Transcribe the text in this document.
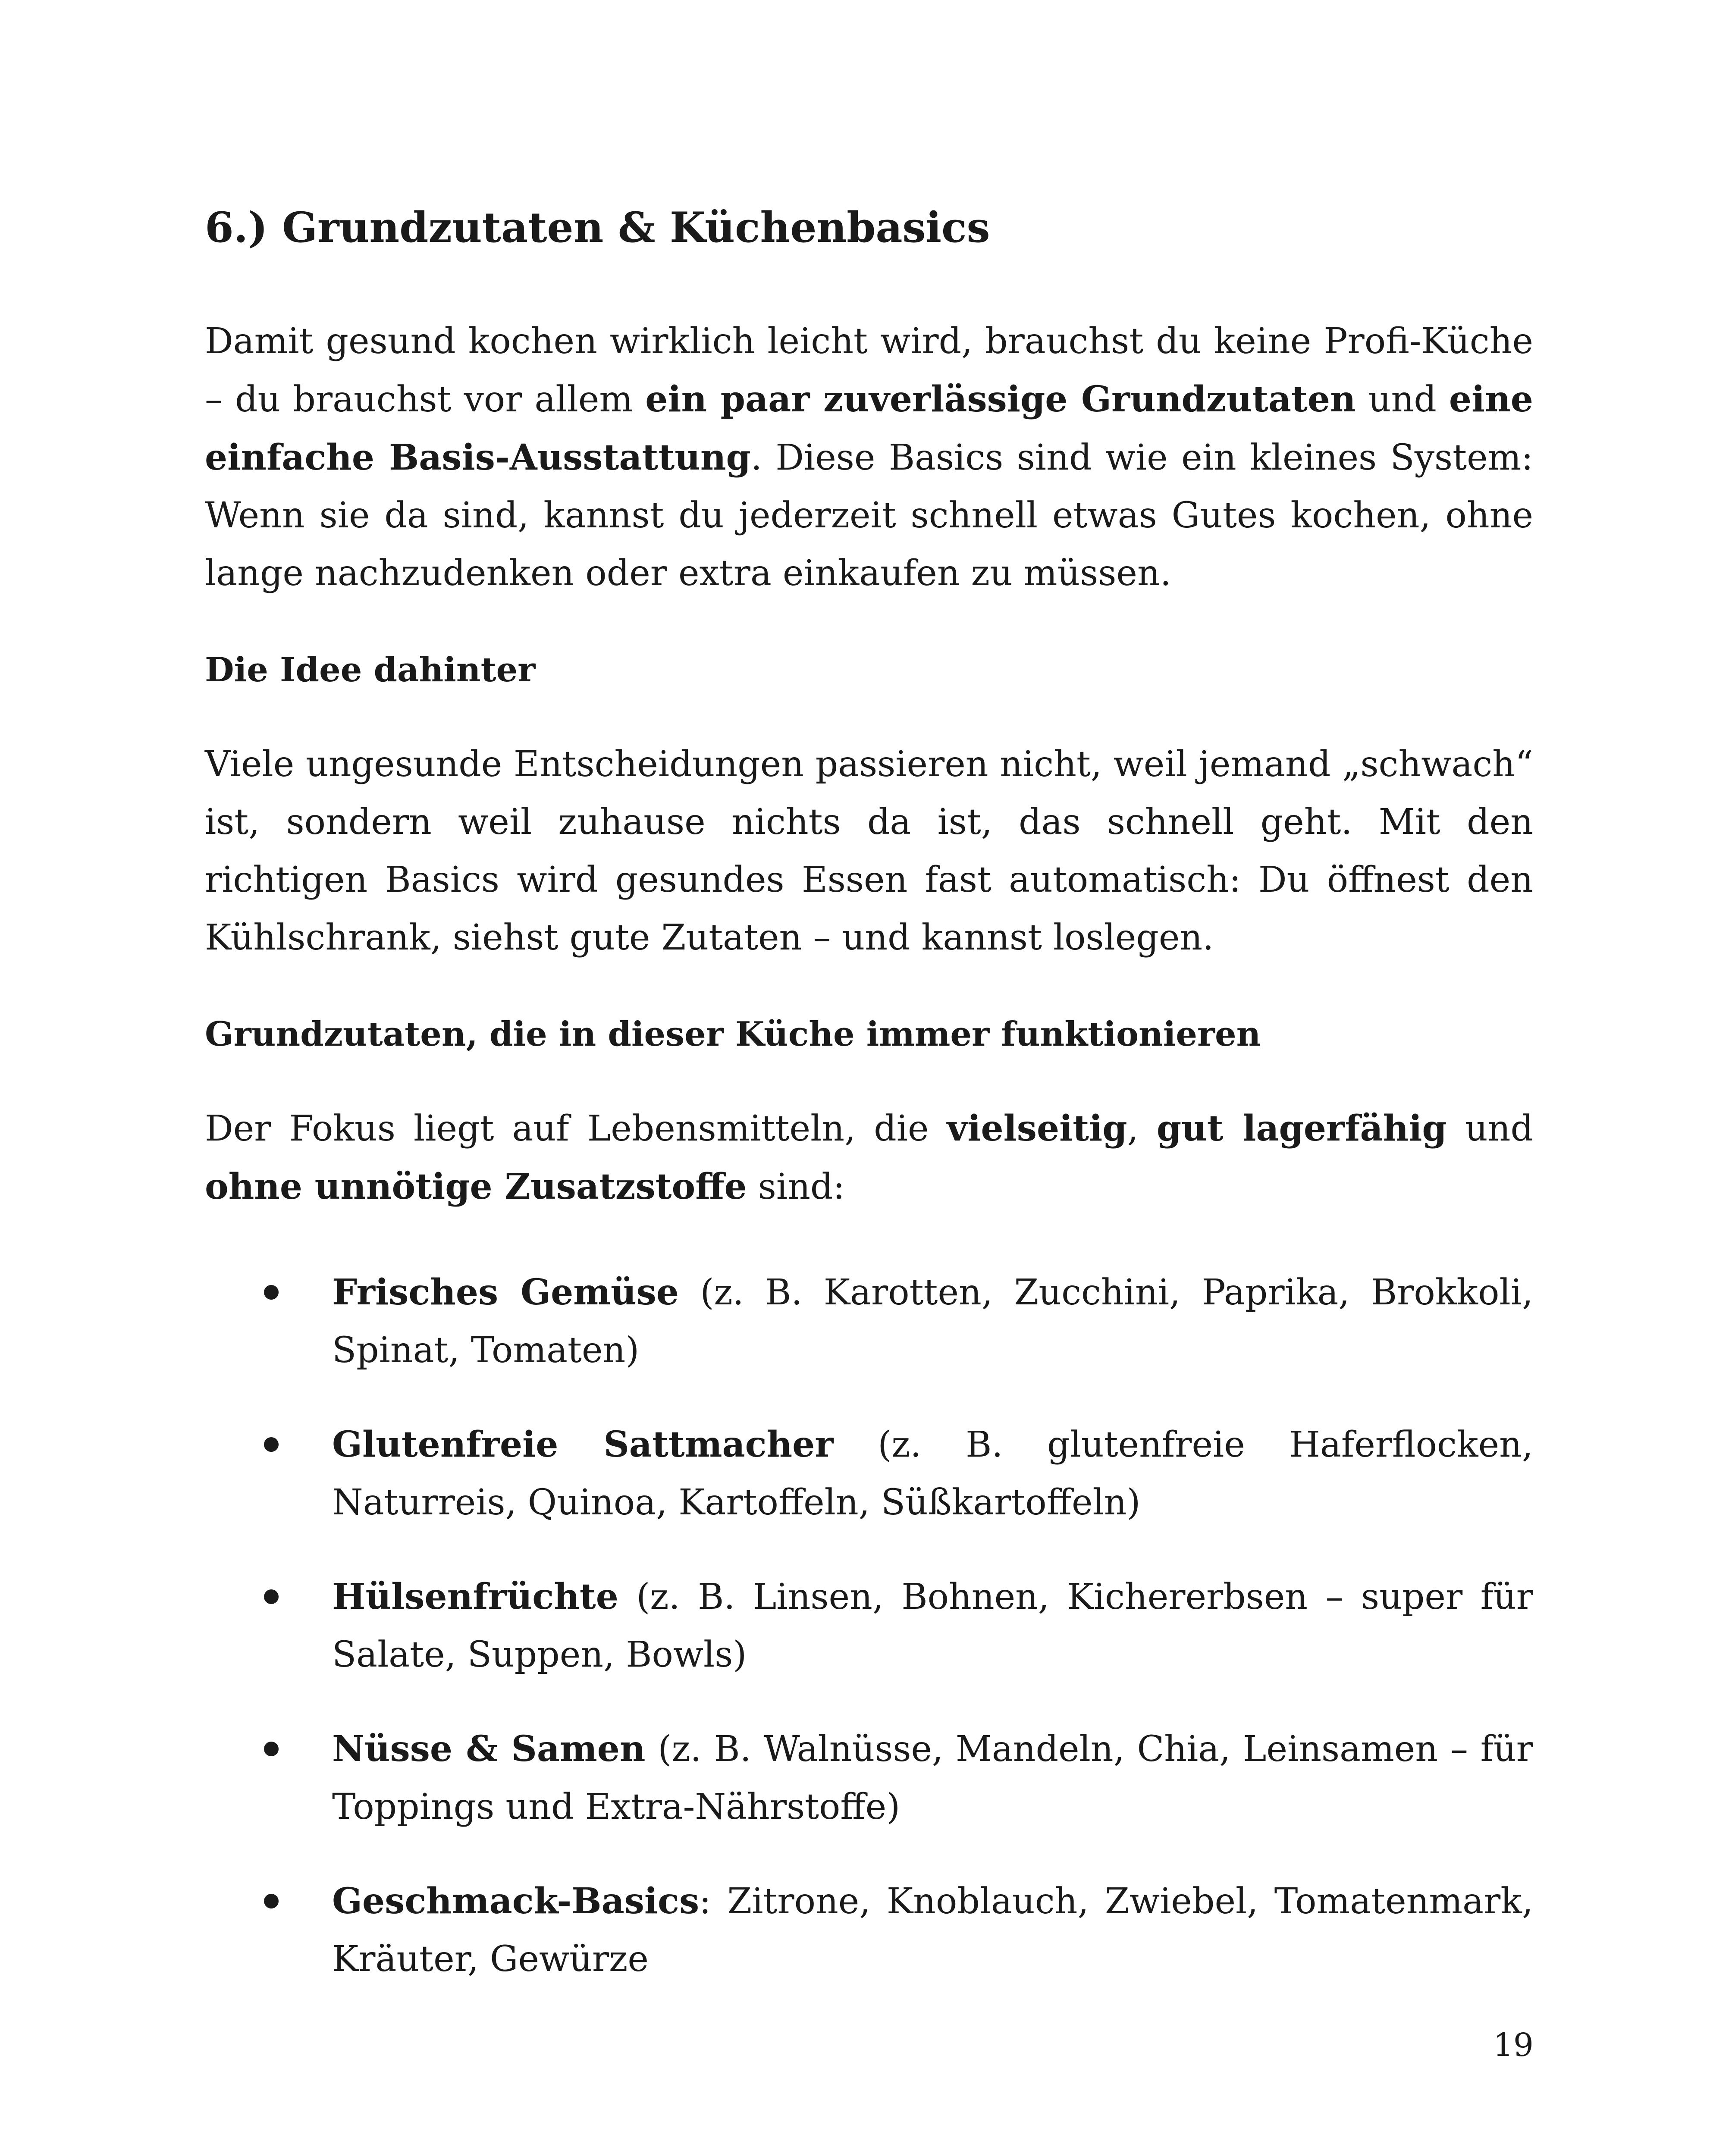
6.) Grundzutaten & Küchenbasics

Damit gesund kochen wirklich leicht wird, brauchst du keine Profi-Küche – du brauchst vor allem ein paar zuverlässige Grundzutaten und eine einfache Basis-Ausstattung. Diese Basics sind wie ein kleines System: Wenn sie da sind, kannst du jederzeit schnell etwas Gutes kochen, ohne lange nachzudenken oder extra einkaufen zu müssen.

Die Idee dahinter

Viele ungesunde Entscheidungen passieren nicht, weil jemand „schwach“ ist, sondern weil zuhause nichts da ist, das schnell geht. Mit den richtigen Basics wird gesundes Essen fast automatisch: Du öffnest den Kühlschrank, siehst gute Zutaten – und kannst loslegen.

Grundzutaten, die in dieser Küche immer funktionieren

Der Fokus liegt auf Lebensmitteln, die vielseitig, gut lagerfähig und ohne unnötige Zusatzstoffe sind:

Frisches Gemüse (z. B. Karotten, Zucchini, Paprika, Brokkoli, Spinat, Tomaten)
Glutenfreie Sattmacher (z. B. glutenfreie Haferflocken, Naturreis, Quinoa, Kartoffeln, Süßkartoffeln)
Hülsenfrüchte (z. B. Linsen, Bohnen, Kichererbsen – super für Salate, Suppen, Bowls)
Nüsse & Samen (z. B. Walnüsse, Mandeln, Chia, Leinsamen – für Toppings und Extra-Nährstoffe)
Geschmack-Basics: Zitrone, Knoblauch, Zwiebel, Tomatenmark, Kräuter, Gewürze
19
